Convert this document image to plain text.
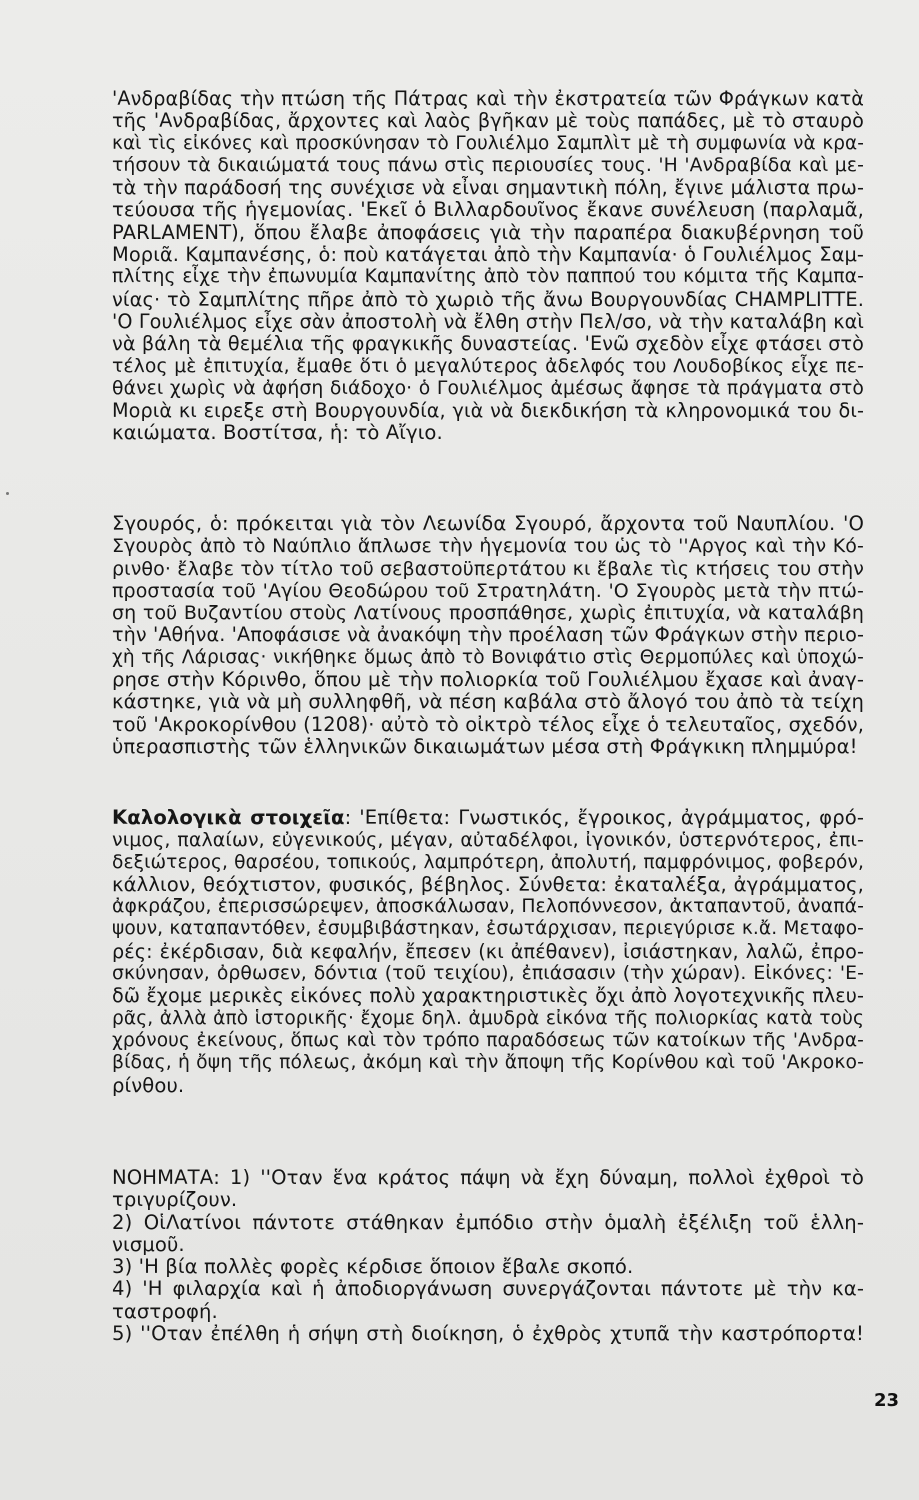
'Ανδραβίδας τὴν πτώση τῆς Πάτρας καὶ τὴν ἐκστρατεία τῶν Φράγκων κατὰ
τῆς 'Ανδραβίδας, ἄρχοντες καὶ λαὸς βγῆκαν μὲ τοὺς παπάδες, μὲ τὸ σταυρὸ
καὶ τὶς εἰκόνες καὶ προσκύνησαν τὸ Γουλιέλμο Σαμπλὶτ μὲ τὴ συμφωνία νὰ κρα-
τήσουν τὰ δικαιώματά τους πάνω στὶς περιουσίες τους. 'Η 'Ανδραβίδα καὶ με-
τὰ τὴν παράδοσή της συνέχισε νὰ εἶναι σημαντικὴ πόλη, ἔγινε μάλιστα πρω-
τεύουσα τῆς ἡγεμονίας. 'Εκεῖ ὁ Βιλλαρδουῖνος ἔκανε συνέλευση (παρλαμᾶ,
PARLAMENT), ὅπου ἔλαβε ἀποφάσεις γιὰ τὴν παραπέρα διακυβέρνηση τοῦ
Μοριᾶ. Καμπανέσης, ὁ: ποὺ κατάγεται ἀπὸ τὴν Καμπανία· ὁ Γουλιέλμος Σαμ-
πλίτης εἶχε τὴν ἐπωνυμία Καμπανίτης ἀπὸ τὸν παππού του κόμιτα τῆς Καμπα-
νίας· τὸ Σαμπλίτης πῆρε ἀπὸ τὸ χωριὸ τῆς ἄνω Βουργουνδίας CHAMPLITTE.
'Ο Γουλιέλμος εἶχε σὰν ἀποστολὴ νὰ ἔλθη στὴν Πελ/σο, νὰ τὴν καταλάβη καὶ
νὰ βάλη τὰ θεμέλια τῆς φραγκικῆς δυναστείας. 'Ενῶ σχεδὸν εἶχε φτάσει στὸ
τέλος μὲ ἐπιτυχία, ἔμαθε ὅτι ὁ μεγαλύτερος ἀδελφός του Λουδοβίκος εἶχε πε-
θάνει χωρὶς νὰ ἀφήση διάδοχο· ὁ Γουλιέλμος ἀμέσως ἄφησε τὰ πράγματα στὸ
Μοριὰ κι ειρεξε στὴ Βουργουνδία, γιὰ νὰ διεκδικήση τὰ κληρονομικά του δι-
καιώματα. Βοστίτσα, ἡ: τὸ Αἴγιο.
Σγουρός, ὁ: πρόκειται γιὰ τὸν Λεωνίδα Σγουρό, ἄρχοντα τοῦ Ναυπλίου. 'Ο
Σγουρὸς ἀπὸ τὸ Ναύπλιο ἅπλωσε τὴν ἡγεμονία του ὡς τὸ ''Αργος καὶ τὴν Κό-
ρινθο· ἔλαβε τὸν τίτλο τοῦ σεβαστοϋπερτάτου κι ἔβαλε τὶς κτήσεις του στὴν
προστασία τοῦ 'Αγίου Θεοδώρου τοῦ Στρατηλάτη. 'Ο Σγουρὸς μετὰ τὴν πτώ-
ση τοῦ Βυζαντίου στοὺς Λατίνους προσπάθησε, χωρὶς ἐπιτυχία, νὰ καταλάβη
τὴν 'Αθήνα. 'Αποφάσισε νὰ ἀνακόψη τὴν προέλαση τῶν Φράγκων στὴν περιο-
χὴ τῆς Λάρισας· νικήθηκε ὅμως ἀπὸ τὸ Βονιφάτιο στὶς Θερμοπύλες καὶ ὑποχώ-
ρησε στὴν Κόρινθο, ὅπου μὲ τὴν πολιορκία τοῦ Γουλιέλμου ἔχασε καὶ ἀναγ-
κάστηκε, γιὰ νὰ μὴ συλληφθῆ, νὰ πέση καβάλα στὸ ἄλογό του ἀπὸ τὰ τείχη
τοῦ 'Ακροκορίνθου (1208)· αὐτὸ τὸ οἰκτρὸ τέλος εἶχε ὁ τελευταῖος, σχεδόν,
ὑπερασπιστὴς τῶν ἑλληνικῶν δικαιωμάτων μέσα στὴ Φράγκικη πλημμύρα!
Καλολογικὰ στοιχεῖα: 'Επίθετα: Γνωστικός, ἔγροικος, ἀγράμματος, φρό-
νιμος, παλαίων, εὐγενικούς, μέγαν, αὐταδέλφοι, ἰγονικόν, ὑστερνότερος, ἐπι-
δεξιώτερος, θαρσέου, τοπικούς, λαμπρότερη, ἀπολυτή, παμφρόνιμος, φοβερόν,
κάλλιον, θεόχτιστον, φυσικός, βέβηλος. Σύνθετα: ἐκαταλέξα, ἀγράμματος,
ἀφκράζου, ἐπερισσώρεψεν, ἀποσκάλωσαν, Πελοπόννεσον, ἀκταπαντοῦ, ἀναπά-
ψουν, καταπαντόθεν, ἐσυμβιβάστηκαν, ἐσωτάρχισαν, περιεγύρισε κ.ἄ. Μεταφο-
ρές: ἐκέρδισαν, διὰ κεφαλήν, ἔπεσεν (κι ἀπέθανεν), ἰσιάστηκαν, λαλῶ, ἐπρο-
σκύνησαν, ὀρθωσεν, δόντια (τοῦ τειχίου), ἐπιάσασιν (τὴν χώραν). Εἰκόνες: 'Ε-
δῶ ἔχομε μερικὲς εἰκόνες πολὺ χαρακτηριστικὲς ὄχι ἀπὸ λογοτεχνικῆς πλευ-
ρᾶς, ἀλλὰ ἀπὸ ἱστορικῆς· ἔχομε δηλ. ἀμυδρὰ εἰκόνα τῆς πολιορκίας κατὰ τοὺς
χρόνους ἐκείνους, ὅπως καὶ τὸν τρόπο παραδόσεως τῶν κατοίκων τῆς 'Ανδρα-
βίδας, ἡ ὄψη τῆς πόλεως, ἀκόμη καὶ τὴν ἄποψη τῆς Κορίνθου καὶ τοῦ 'Ακροκο-
ρίνθου.
ΝΟΗΜΑΤΑ: 1) ''Οταν ἕνα κράτος πάψη νὰ ἔχη δύναμη, πολλοὶ ἐχθροὶ τὸ
τριγυρίζουν.
2) ΟἱΛατίνοι πάντοτε στάθηκαν ἐμπόδιο στὴν ὁμαλὴ ἐξέλιξη τοῦ ἑλλη-
νισμοῦ.
3) 'Η βία πολλὲς φορὲς κέρδισε ὅποιον ἔβαλε σκοπό.
4) 'Η φιλαρχία καὶ ἡ ἀποδιοργάνωση συνεργάζονται πάντοτε μὲ τὴν κα-
ταστροφή.
5) ''Οταν ἐπέλθη ἡ σήψη στὴ διοίκηση, ὁ ἐχθρὸς χτυπᾶ τὴν καστρόπορτα!
23
